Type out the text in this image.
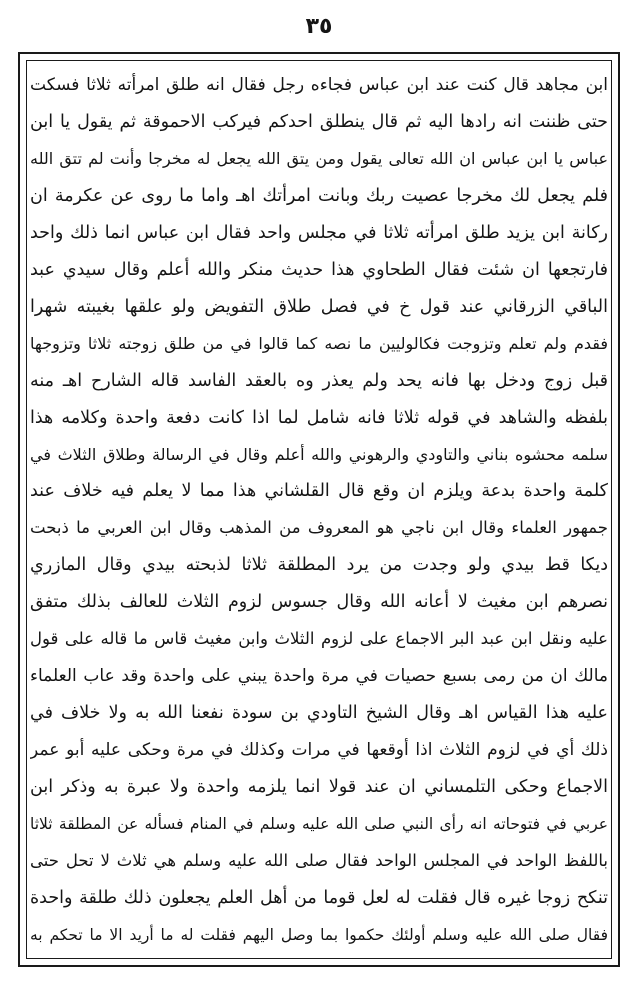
٣٥
ابن مجاهد قال كنت عند ابن عباس فجاءه رجل فقال انه طلق امرأته ثلاثا فسكت
حتى ظننت انه رادها اليه ثم قال ينطلق احدكم فيركب الاحموقة ثم يقول يا ابن
عباس يا ابن عباس ان الله تعالى يقول ومن يتق الله يجعل له مخرجا وأنت لم تتق الله
فلم يجعل لك مخرجا عصيت ربك وبانت امرأتك اهـ واما ما روى عن عكرمة ان
ركانة ابن يزيد طلق امرأته ثلاثا في مجلس واحد فقال ابن عباس انما ذلك واحد
فارتجعها ان شئت فقال الطحاوي هذا حديث منكر والله أعلم وقال سيدي عبد
الباقي الزرقاني عند قول خ في فصل طلاق التفويض ولو علقها بغيبته شهرا
فقدم ولم تعلم وتزوجت فكالوليين ما نصه كما قالوا في من طلق زوجته ثلاثا وتزوجها
قبل زوج ودخل بها فانه يحد ولم يعذر وه بالعقد الفاسد قاله الشارح اهـ منه
بلفظه والشاهد في قوله ثلاثا فانه شامل لما اذا كانت دفعة واحدة وكلامه هذا
سلمه محشوه بناني والتاودي والرهوني والله أعلم وقال في الرسالة وطلاق الثلاث في
كلمة واحدة بدعة ويلزم ان وقع قال القلشاني هذا مما لا يعلم فيه خلاف عند
جمهور العلماء وقال ابن ناجي هو المعروف من المذهب وقال ابن العربي ما ذبحت
ديكا قط بيدي ولو وجدت من يرد المطلقة ثلاثا لذبحته بيدي وقال المازري
نصرهم ابن مغيث لا أعانه الله وقال جسوس لزوم الثلاث للعالف بذلك متفق
عليه ونقل ابن عبد البر الاجماع على لزوم الثلاث وابن مغيث قاس ما قاله على قول
مالك ان من رمى بسبع حصيات في مرة واحدة يبني على واحدة وقد عاب العلماء
عليه هذا القياس اهـ وقال الشيخ التاودي بن سودة نفعنا الله به ولا خلاف في
ذلك أي في لزوم الثلاث اذا أوقعها في مرات وكذلك في مرة وحكى عليه أبو عمر
الاجماع وحكى التلمساني ان عند قولا انما يلزمه واحدة ولا عبرة به وذكر ابن
عربي في فتوحاته انه رأى النبي صلى الله عليه وسلم في المنام فسأله عن المطلقة ثلاثا
باللفظ الواحد في المجلس الواحد فقال صلى الله عليه وسلم هي ثلاث لا تحل حتى
تنكح زوجا غيره قال فقلت له لعل قوما من أهل العلم يجعلون ذلك طلقة واحدة
فقال صلى الله عليه وسلم أولئك حكموا بما وصل اليهم فقلت له ما أريد الا ما تحكم به
